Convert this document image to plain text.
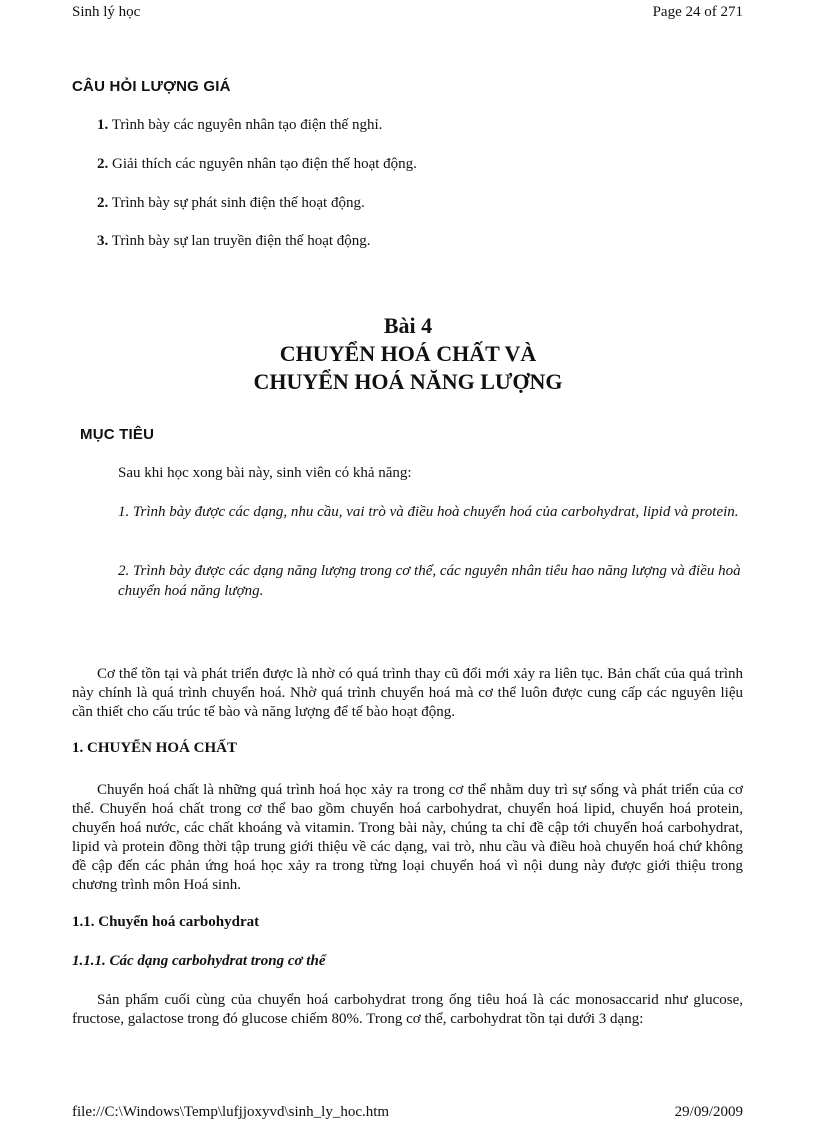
Sinh lý học	Page 24 of 271
CÂU HỎI LƯỢNG GIÁ
1. Trình bày các nguyên nhân tạo điện thế nghỉ.
2. Giải thích các nguyên nhân tạo điện thế hoạt động.
2. Trình bày sự phát sinh điện thế hoạt động.
3. Trình bày sự lan truyền điện thế hoạt động.
Bài 4
CHUYỂN HOÁ CHẤT VÀ
CHUYỂN HOÁ NĂNG LƯỢNG
MỤC TIÊU
Sau khi học xong bài này, sinh viên có khả năng:
1. Trình bày được các dạng, nhu cầu, vai trò và điều hoà chuyển hoá của carbohydrat, lipid và protein.
2. Trình bày được các dạng năng lượng trong cơ thể, các nguyên nhân tiêu hao năng lượng và điều hoà chuyển hoá năng lượng.
Cơ thể tồn tại và phát triển được là nhờ có quá trình thay cũ đổi mới xảy ra liên tục. Bản chất của quá trình này chính là quá trình chuyển hoá. Nhờ quá trình chuyển hoá mà cơ thể luôn được cung cấp các nguyên liệu cần thiết cho cấu trúc tế bào và năng lượng để tế bào hoạt động.
1. CHUYỂN HOÁ CHẤT
Chuyển hoá chất là những quá trình hoá học xảy ra trong cơ thể nhằm duy trì sự sống và phát triển của cơ thể. Chuyển hoá chất trong cơ thể bao gồm chuyển hoá carbohydrat, chuyển hoá lipid, chuyển hoá protein, chuyển hoá nước, các chất khoáng và vitamin. Trong bài này, chúng ta chỉ đề cập tới chuyển hoá carbohydrat, lipid và protein đồng thời tập trung giới thiệu về các dạng, vai trò, nhu cầu và điều hoà chuyển hoá chứ không đề cập đến các phản ứng hoá học xảy ra trong từng loại chuyển hoá vì nội dung này được giới thiệu trong chương trình môn Hoá sinh.
1.1. Chuyển hoá carbohydrat
1.1.1. Các dạng carbohydrat trong cơ thể
Sản phẩm cuối cùng của chuyển hoá carbohydrat trong ống tiêu hoá là các monosaccarid như glucose, fructose, galactose trong đó glucose chiếm 80%. Trong cơ thể, carbohydrat tồn tại dưới 3 dạng:
file://C:\Windows\Temp\lufjjoxyvd\sinh_ly_hoc.htm	29/09/2009
